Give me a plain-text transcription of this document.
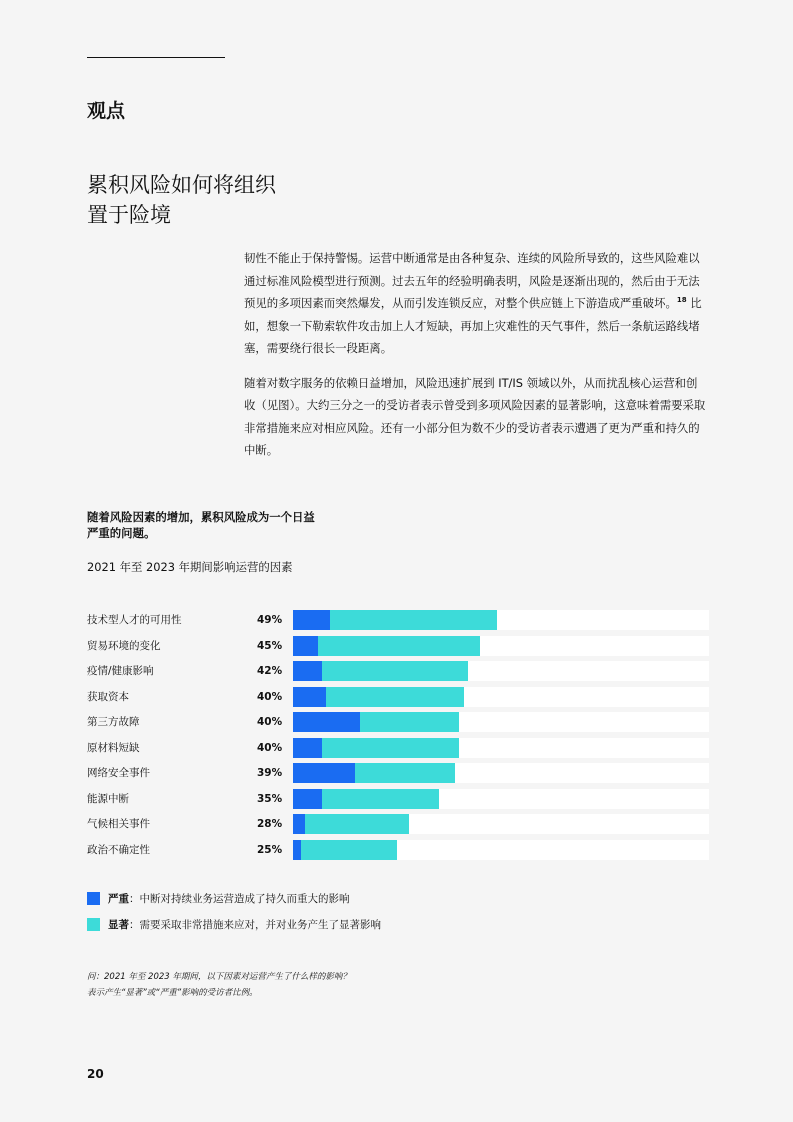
观点
累积风险如何将组织
置于险境

韧性不能止于保持警惕。运营中断通常是由各种复杂、连续的风险所导致的，这些风险难以通过标准风险模型进行预测。过去五年的经验明确表明，风险是逐渐出现的，然后由于无法预见的多项因素而突然爆发，从而引发连锁反应，对整个供应链上下游造成严重破坏。$^{18}$ 比如，想象一下勒索软件攻击加上人才短缺，再加上灾难性的天气事件，然后一条航运路线堵塞，需要绕行很长一段距离。

随着对数字服务的依赖日益增加，风险迅速扩展到 IT/IS 领域以外，从而扰乱核心运营和创收（见图）。大约三分之一的受访者表示曾受到多项风险因素的显著影响，这意味着需要采取非常措施来应对相应风险。还有一小部分但为数不少的受访者表示遭遇了更为严重和持久的中断。

随着风险因素的增加，累积风险成为一个日益
严重的问题。
2021 年至 2023 年期间影响运营的因素
技术型人才的可用性	49%
贸易环境的变化	45%
疫情/健康影响	42%
获取资本	40%
第三方故障	40%
原材料短缺	40%
网络安全事件	39%
能源中断	35%
气候相关事件	28%
政治不确定性	25%
严重：中断对持续业务运营造成了持久而重大的影响
显著：需要采取非常措施来应对，并对业务产生了显著影响
问：2021 年至 2023 年期间，以下因素对运营产生了什么样的影响？
表示产生“显著”或“严重”影响的受访者比例。
20
